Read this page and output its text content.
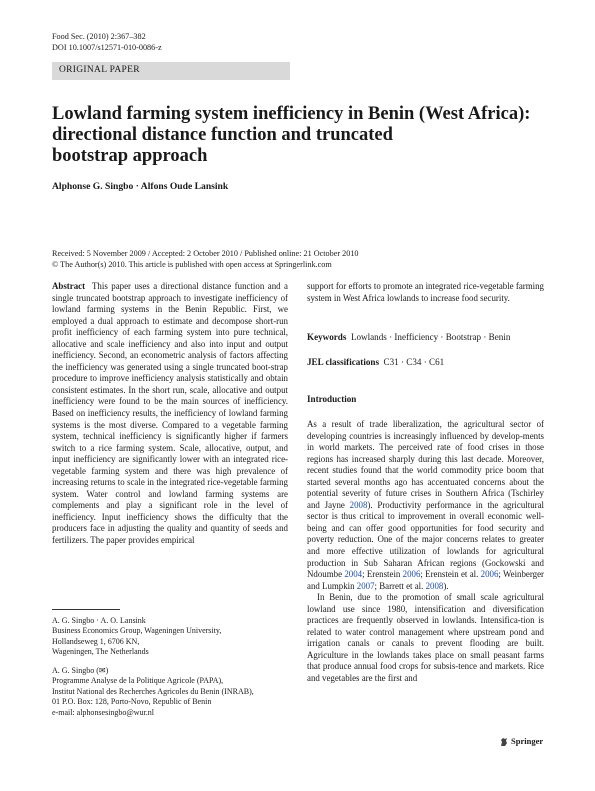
Food Sec. (2010) 2:367–382
DOI 10.1007/s12571-010-0086-z
ORIGINAL PAPER
Lowland farming system inefficiency in Benin (West Africa):
directional distance function and truncated
bootstrap approach
Alphonse G. Singbo · Alfons Oude Lansink
Received: 5 November 2009 / Accepted: 2 October 2010 / Published online: 21 October 2010
© The Author(s) 2010. This article is published with open access at Springerlink.com

Abstract This paper uses a directional distance function and a single truncated bootstrap approach to investigate inefficiency of lowland farming systems in the Benin Republic. First, we employed a dual approach to estimate and decompose short-run profit inefficiency of each farming system into pure technical, allocative and scale inefficiency and also into input and output inefficiency. Second, an econometric analysis of factors affecting the inefficiency was generated using a single truncated boot-strap procedure to improve inefficiency analysis statistically and obtain consistent estimates. In the short run, scale, allocative and output inefficiency were found to be the main sources of inefficiency. Based on inefficiency results, the inefficiency of lowland farming systems is the most diverse. Compared to a vegetable farming system, technical inefficiency is significantly higher if farmers switch to a rice farming system. Scale, allocative, output, and input inefficiency are significantly lower with an integrated rice-vegetable farming system and there was high prevalence of increasing returns to scale in the integrated rice-vegetable farming system. Water control and lowland farming systems are complements and play a significant role in the level of inefficiency. Input inefficiency shows the difficulty that the producers face in adjusting the quality and quantity of seeds and fertilizers. The paper provides empirical

support for efforts to promote an integrated rice-vegetable farming system in West Africa lowlands to increase food security.

Keywords Lowlands · Inefficiency · Bootstrap · Benin
JEL classifications C31 · C34 · C61
Introduction

As a result of trade liberalization, the agricultural sector of developing countries is increasingly influenced by develop-ments in world markets. The perceived rate of food crises in those regions has increased sharply during this last decade. Moreover, recent studies found that the world commodity price boom that started several months ago has accentuated concerns about the potential severity of future crises in Southern Africa (Tschirley and Jayne 2008). Productivity performance in the agricultural sector is thus critical to improvement in overall economic well-being and can offer good opportunities for food security and poverty reduction. One of the major concerns relates to greater and more effective utilization of lowlands for agricultural production in Sub Saharan African regions (Gockowski and Ndoumbe 2004; Erenstein 2006; Erenstein et al. 2006; Weinberger and Lumpkin 2007; Barrett et al. 2008).

In Benin, due to the promotion of small scale agricultural lowland use since 1980, intensification and diversification practices are frequently observed in lowlands. Intensifica-tion is related to water control management where upstream pond and irrigation canals or canals to prevent flooding are built. Agriculture in the lowlands takes place on small peasant farms that produce annual food crops for subsis-tence and markets. Rice and vegetables are the first and

A. G. Singbo · A. O. Lansink
Business Economics Group, Wageningen University,
Hollandseweg 1, 6706 KN,
Wageningen, The Netherlands
A. G. Singbo (✉)
Programme Analyse de la Politique Agricole (PAPA),
Institut National des Recherches Agricoles du Benin (INRAB),
01 P.O. Box: 128, Porto-Novo, Republic of Benin
e-mail: alphonsesingbo@wur.nl
Springer
